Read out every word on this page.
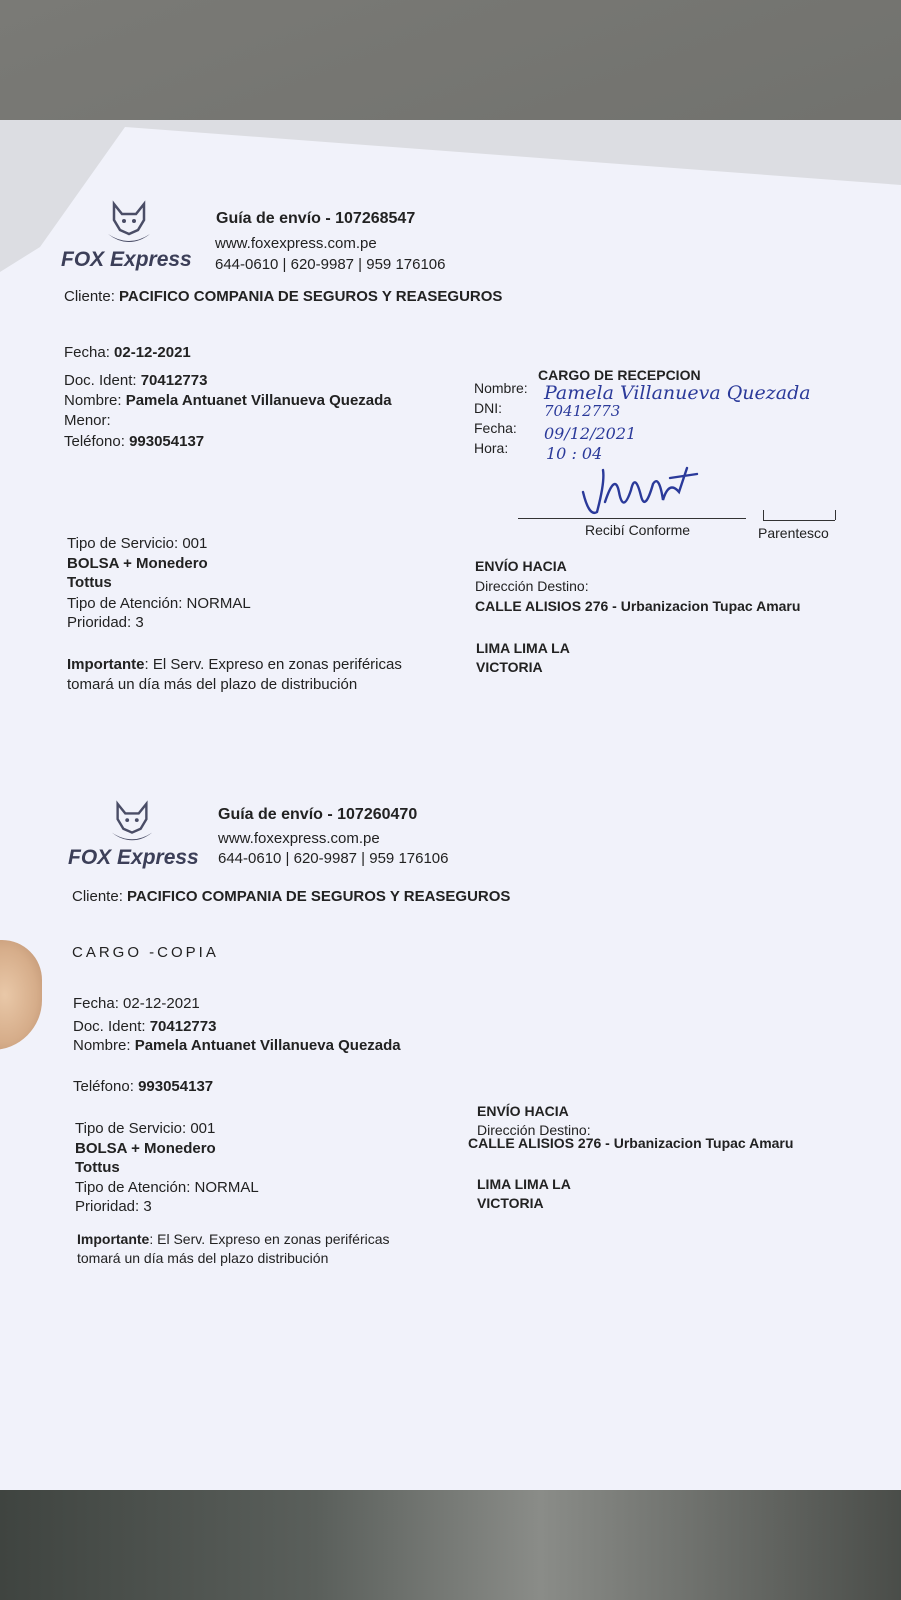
FOX Express
Guía de envío - 107268547
www.foxexpress.com.pe
644-0610 | 620-9987 | 959 176106
Cliente: PACIFICO COMPANIA DE SEGUROS Y REASEGUROS
Fecha: 02-12-2021
Doc. Ident: 70412773
Nombre: Pamela Antuanet Villanueva Quezada
Menor:
Teléfono: 993054137
CARGO DE RECEPCION
Nombre:
DNI:
Fecha:
Hora:
Pamela Villanueva Quezada
70412773
09/12/2021
10 : 04
Recibí Conforme	Parentesco
Tipo de Servicio: 001
BOLSA + Monedero
Tottus
Tipo de Atención: NORMAL
Prioridad: 3
Importante: El Serv. Expreso en zonas periféricas
tomará un día más del plazo de distribución
ENVÍO HACIA
Dirección Destino:
CALLE ALISIOS 276 - Urbanizacion Tupac Amaru
LIMA LIMA LA
VICTORIA
FOX Express
Guía de envío - 107260470
www.foxexpress.com.pe
644-0610 | 620-9987 | 959 176106
Cliente: PACIFICO COMPANIA DE SEGUROS Y REASEGUROS
CARGO -COPIA
Fecha: 02-12-2021
Doc. Ident: 70412773
Nombre: Pamela Antuanet Villanueva Quezada
Teléfono: 993054137
Tipo de Servicio: 001
BOLSA + Monedero
Tottus
Tipo de Atención: NORMAL
Prioridad: 3
Importante: El Serv. Expreso en zonas periféricas
tomará un día más del plazo distribución
ENVÍO HACIA
Dirección Destino:
CALLE ALISIOS 276 - Urbanizacion Tupac Amaru
LIMA LIMA LA
VICTORIA
